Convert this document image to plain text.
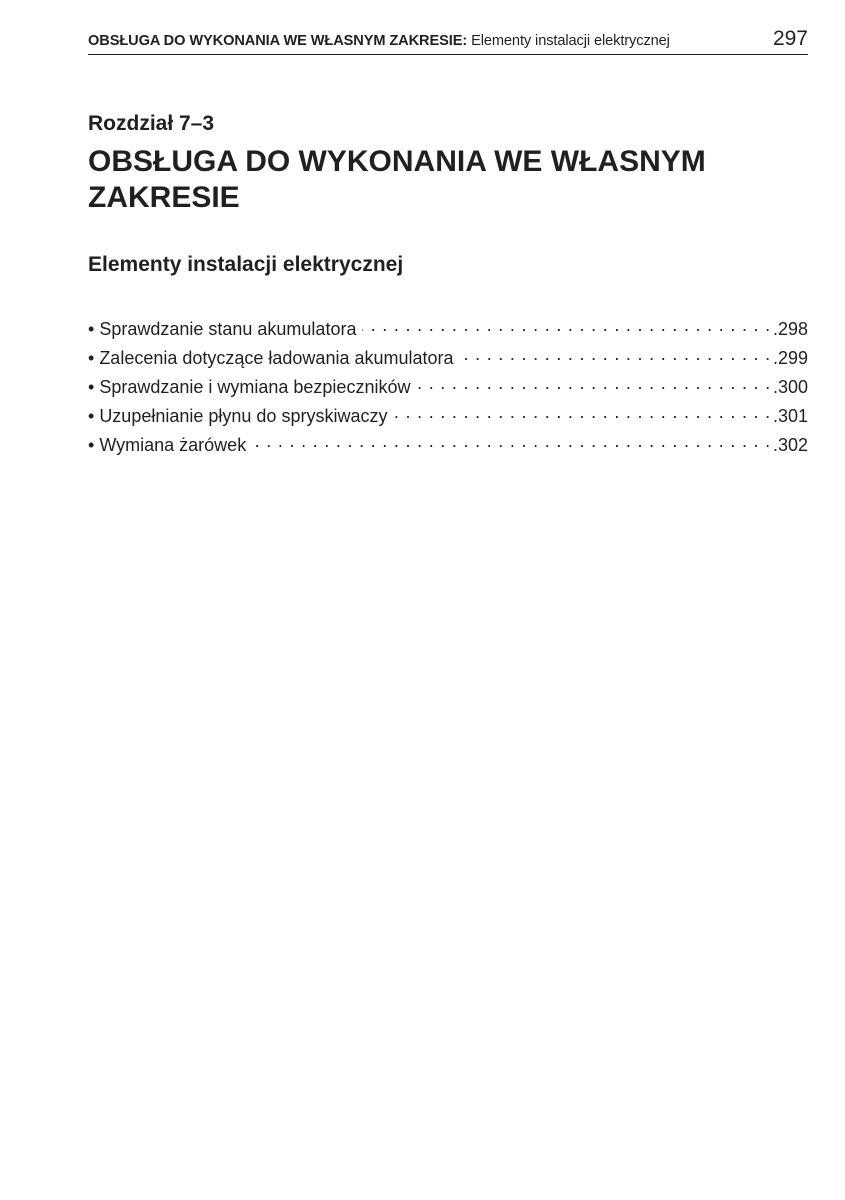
OBSŁUGA DO WYKONANIA WE WŁASNYM ZAKRESIE: Elementy instalacji elektrycznej	297
Rozdział 7–3
OBSŁUGA DO WYKONANIA WE WŁASNYM ZAKRESIE
Elementy instalacji elektrycznej
• Sprawdzanie stanu akumulatora . . .	.298
• Zalecenia dotyczące ładowania akumulatora . . .	.299
• Sprawdzanie i wymiana bezpieczników . . .	.300
• Uzupełnianie płynu do spryskiwaczy . . .	.301
• Wymiana żarówek . . .	.302
